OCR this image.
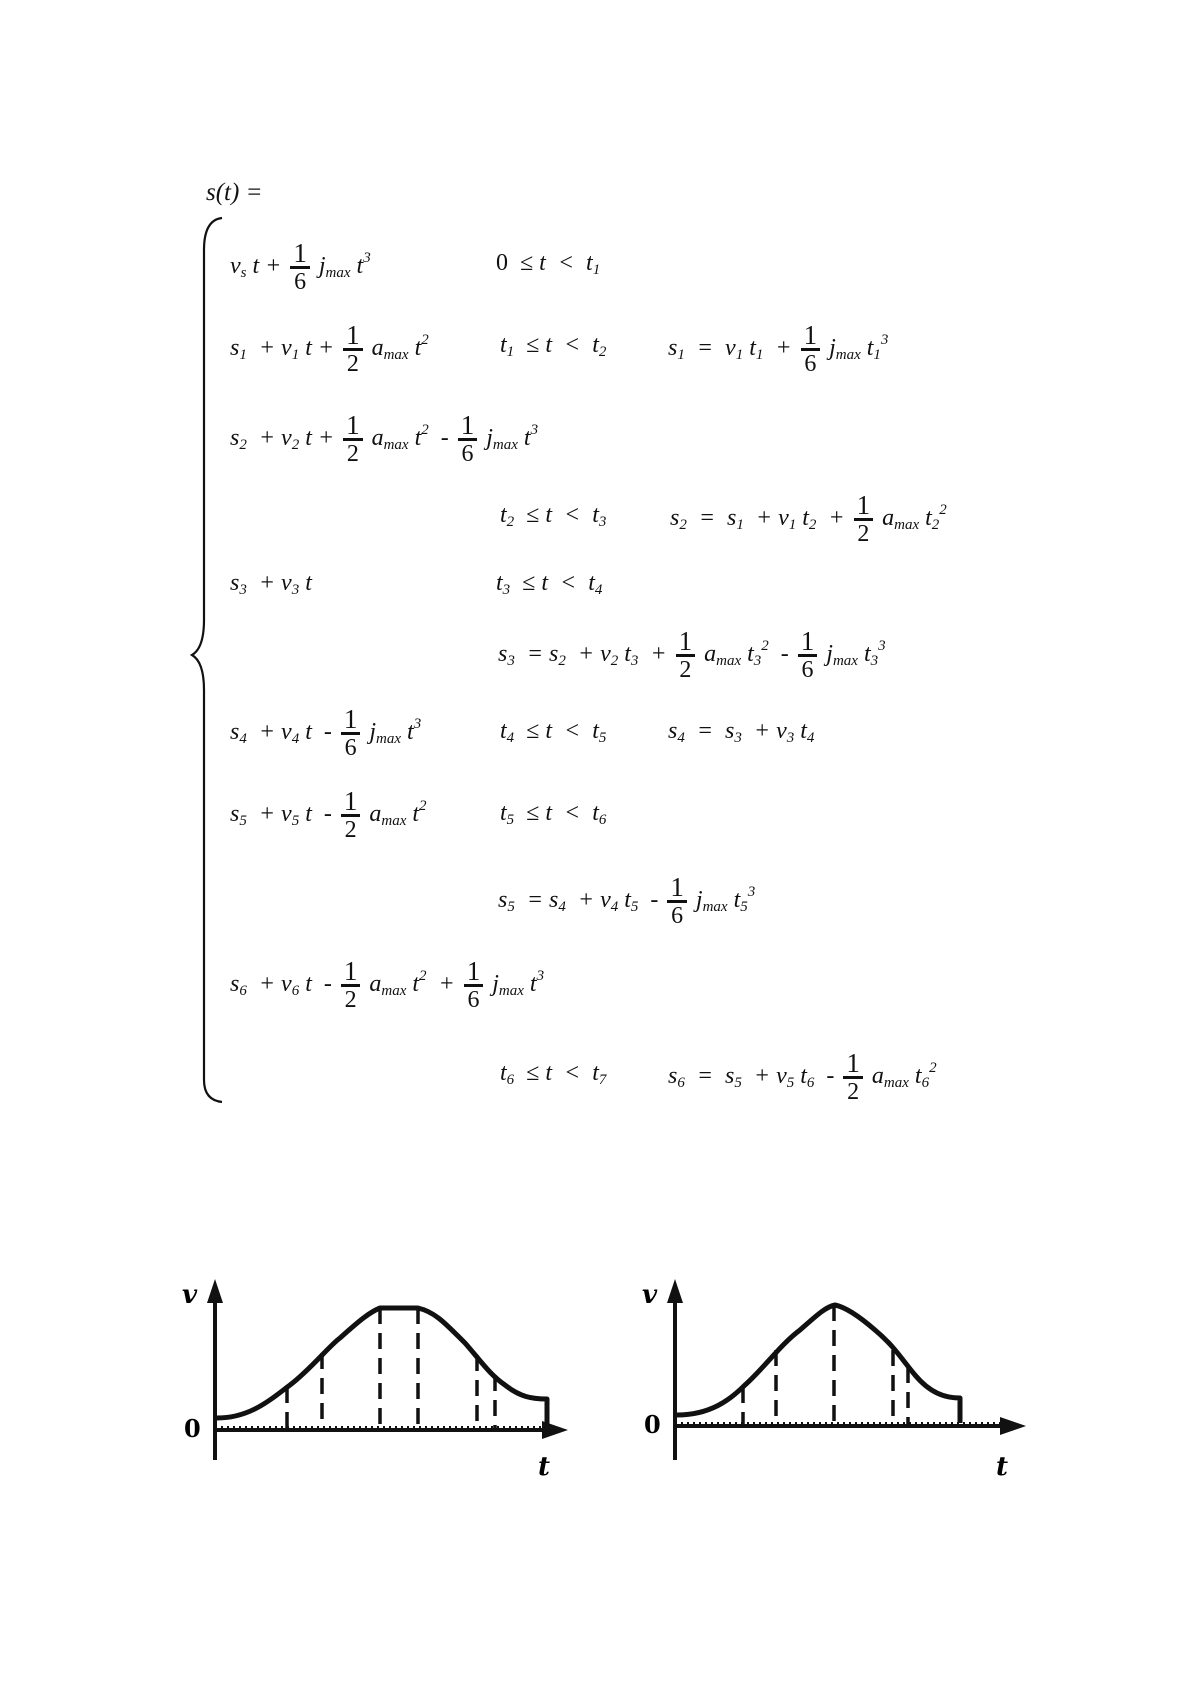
s(t) =
$v_s$ $t + \frac{1}{6} j_{max}$ $t^3$	$0 \le t < t_1$
$s_1 + v_1$ $t + \frac{1}{2} a_{max}$ $t^2$	$t_1 \le t < t_2$	$s_1 = v_1$ $t_1 + \frac{1}{6} j_{max}$ $t_1^3$
$s_2 + v_2$ $t + \frac{1}{2} a_{max}$ $t^2 - \frac{1}{6} j_{max}$ $t^3$
$t_2 \le t < t_3$	$s_2 = s_1 + v_1$ $t_2 + \frac{1}{2} a_{max}$ $t_2^2$
$s_3 + v_3$ t	$t_3 \le t < t_4$
$s_3 = s_2 + v_2$ $t_3 + \frac{1}{2} a_{max}$ $t_3^2 - \frac{1}{6} j_{max}$ $t_3^3$
$s_4 + v_4$ t  - $\frac{1}{6} j_{max}$ $t^3$	$t_4 \le t < t_5$	$s_4 = s_3 + v_3$ $t_4$
$s_5 + v_5$ t  - $\frac{1}{2} a_{max}$ $t^2$	$t_5 \le t < t_6$
$s_5 = s_4 + v_4$ $t_5 - \frac{1}{6} j_{max}$ $t_5^3$
$s_6 + v_6$ t  - $\frac{1}{2} a_{max}$ $t^2 + \frac{1}{6} j_{max}$ $t^3$
$t_6 \le t < t_7$	$s_6 = s_5 + v_5$ $t_6 - \frac{1}{2} a_{max}$ $t_6^2$
v
0
t
v
0
t
